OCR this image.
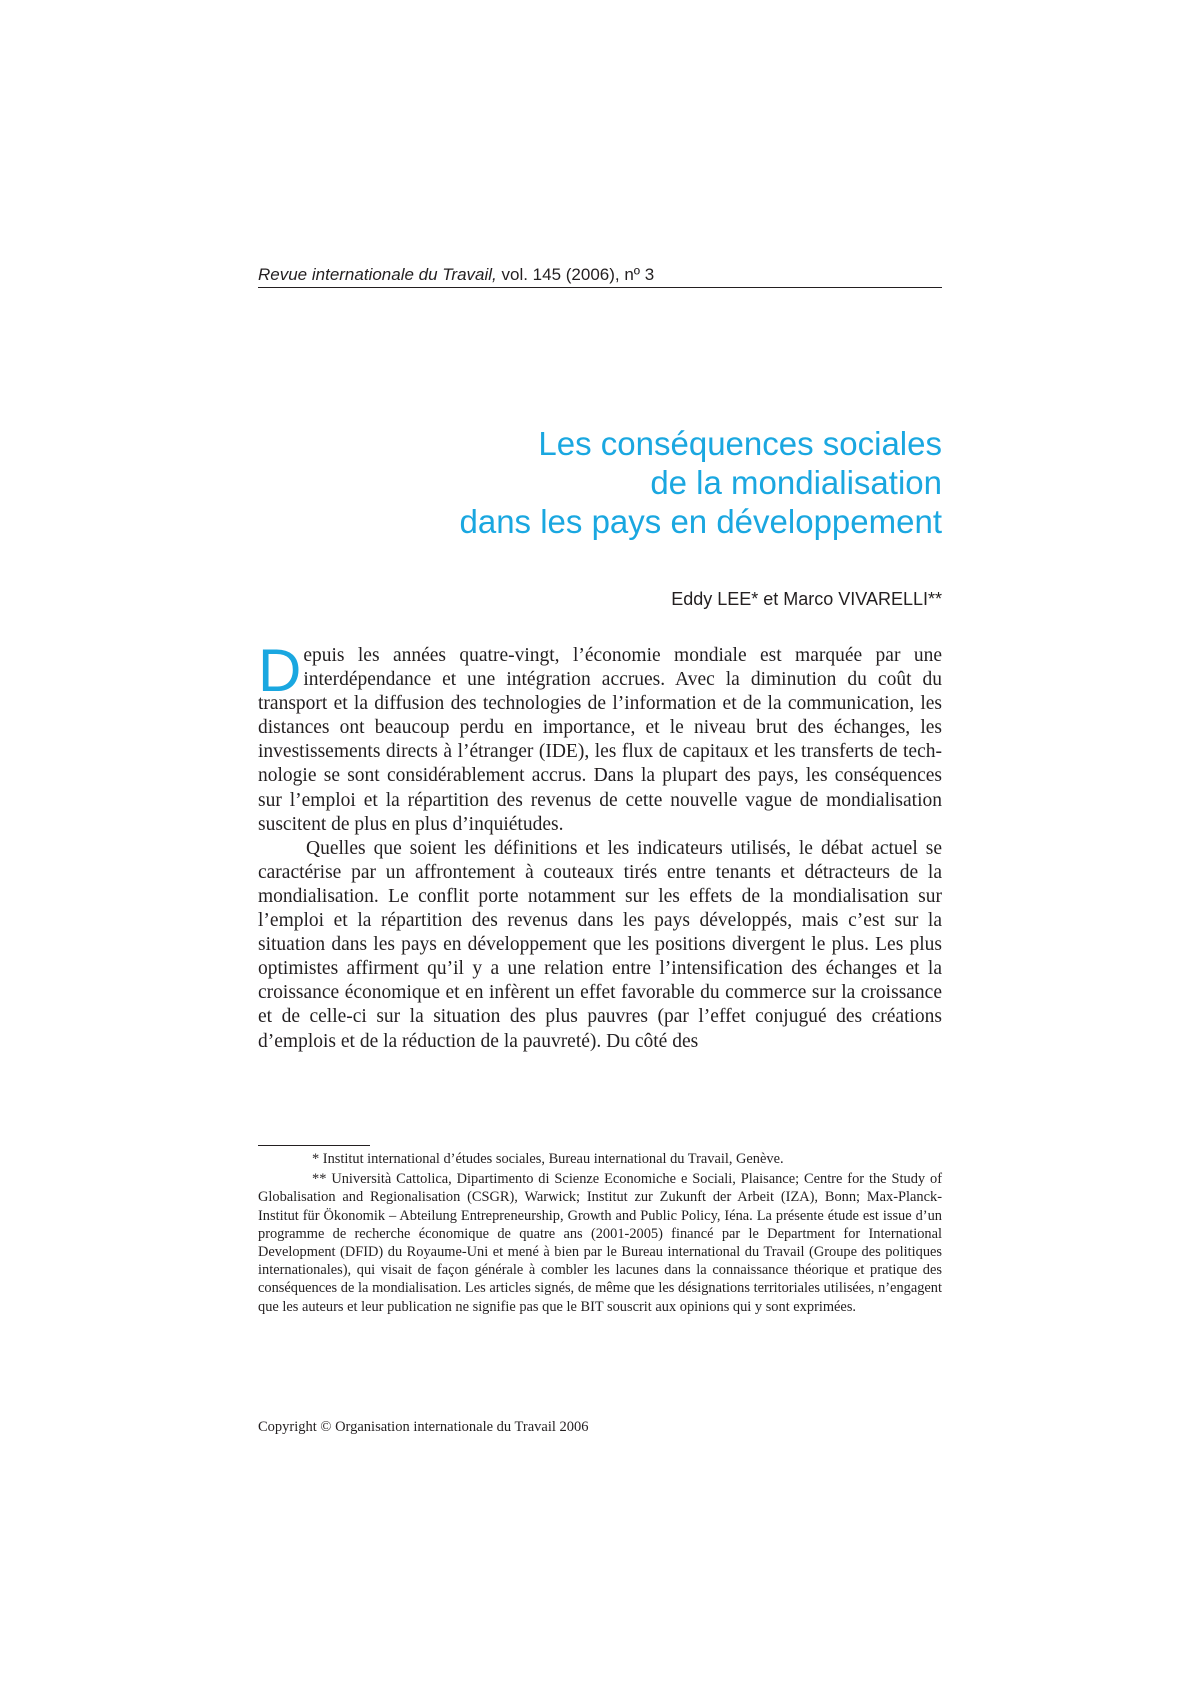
Revue internationale du Travail, vol. 145 (2006), nº 3
Les conséquences sociales
de la mondialisation
dans les pays en développement
Eddy LEE* et Marco VIVARELLI**

Depuis les années quatre-vingt, l’économie mondiale est marquée par une interdépendance et une intégration accrues. Avec la diminution du coût du transport et la diffusion des technologies de l’information et de la communication, les distances ont beaucoup perdu en importance, et le niveau brut des échanges, les investissements directs à l’étranger (IDE), les flux de capitaux et les transferts de technologie se sont considérablement accrus. Dans la plupart des pays, les conséquences sur l’emploi et la répartition des revenus de cette nouvelle vague de mondialisation suscitent de plus en plus d’inquiétudes.

Quelles que soient les définitions et les indicateurs utilisés, le débat actuel se caractérise par un affrontement à couteaux tirés entre tenants et détracteurs de la mondialisation. Le conflit porte notamment sur les effets de la mondialisation sur l’emploi et la répartition des revenus dans les pays développés, mais c’est sur la situation dans les pays en développement que les positions divergent le plus. Les plus optimistes affirment qu’il y a une relation entre l’intensification des échanges et la croissance économique et en infèrent un effet favorable du commerce sur la croissance et de celle-ci sur la situation des plus pauvres (par l’effet conjugué des créations d’emplois et de la réduction de la pauvreté). Du côté des

* Institut international d’études sociales, Bureau international du Travail, Genève.

** Università Cattolica, Dipartimento di Scienze Economiche e Sociali, Plaisance; Centre for the Study of Globalisation and Regionalisation (CSGR), Warwick; Institut zur Zukunft der Arbeit (IZA), Bonn; Max-Planck-Institut für Ökonomik – Abteilung Entrepreneurship, Growth and Public Policy, Iéna. La présente étude est issue d’un programme de recherche économique de quatre ans (2001-2005) financé par le Department for International Development (DFID) du Royaume-Uni et mené à bien par le Bureau international du Travail (Groupe des politiques internationales), qui visait de façon générale à combler les lacunes dans la connaissance théorique et pratique des conséquences de la mondialisation. Les articles signés, de même que les désignations territoriales utilisées, n’engagent que les auteurs et leur publication ne signifie pas que le BIT souscrit aux opinions qui y sont exprimées.

Copyright © Organisation internationale du Travail 2006
